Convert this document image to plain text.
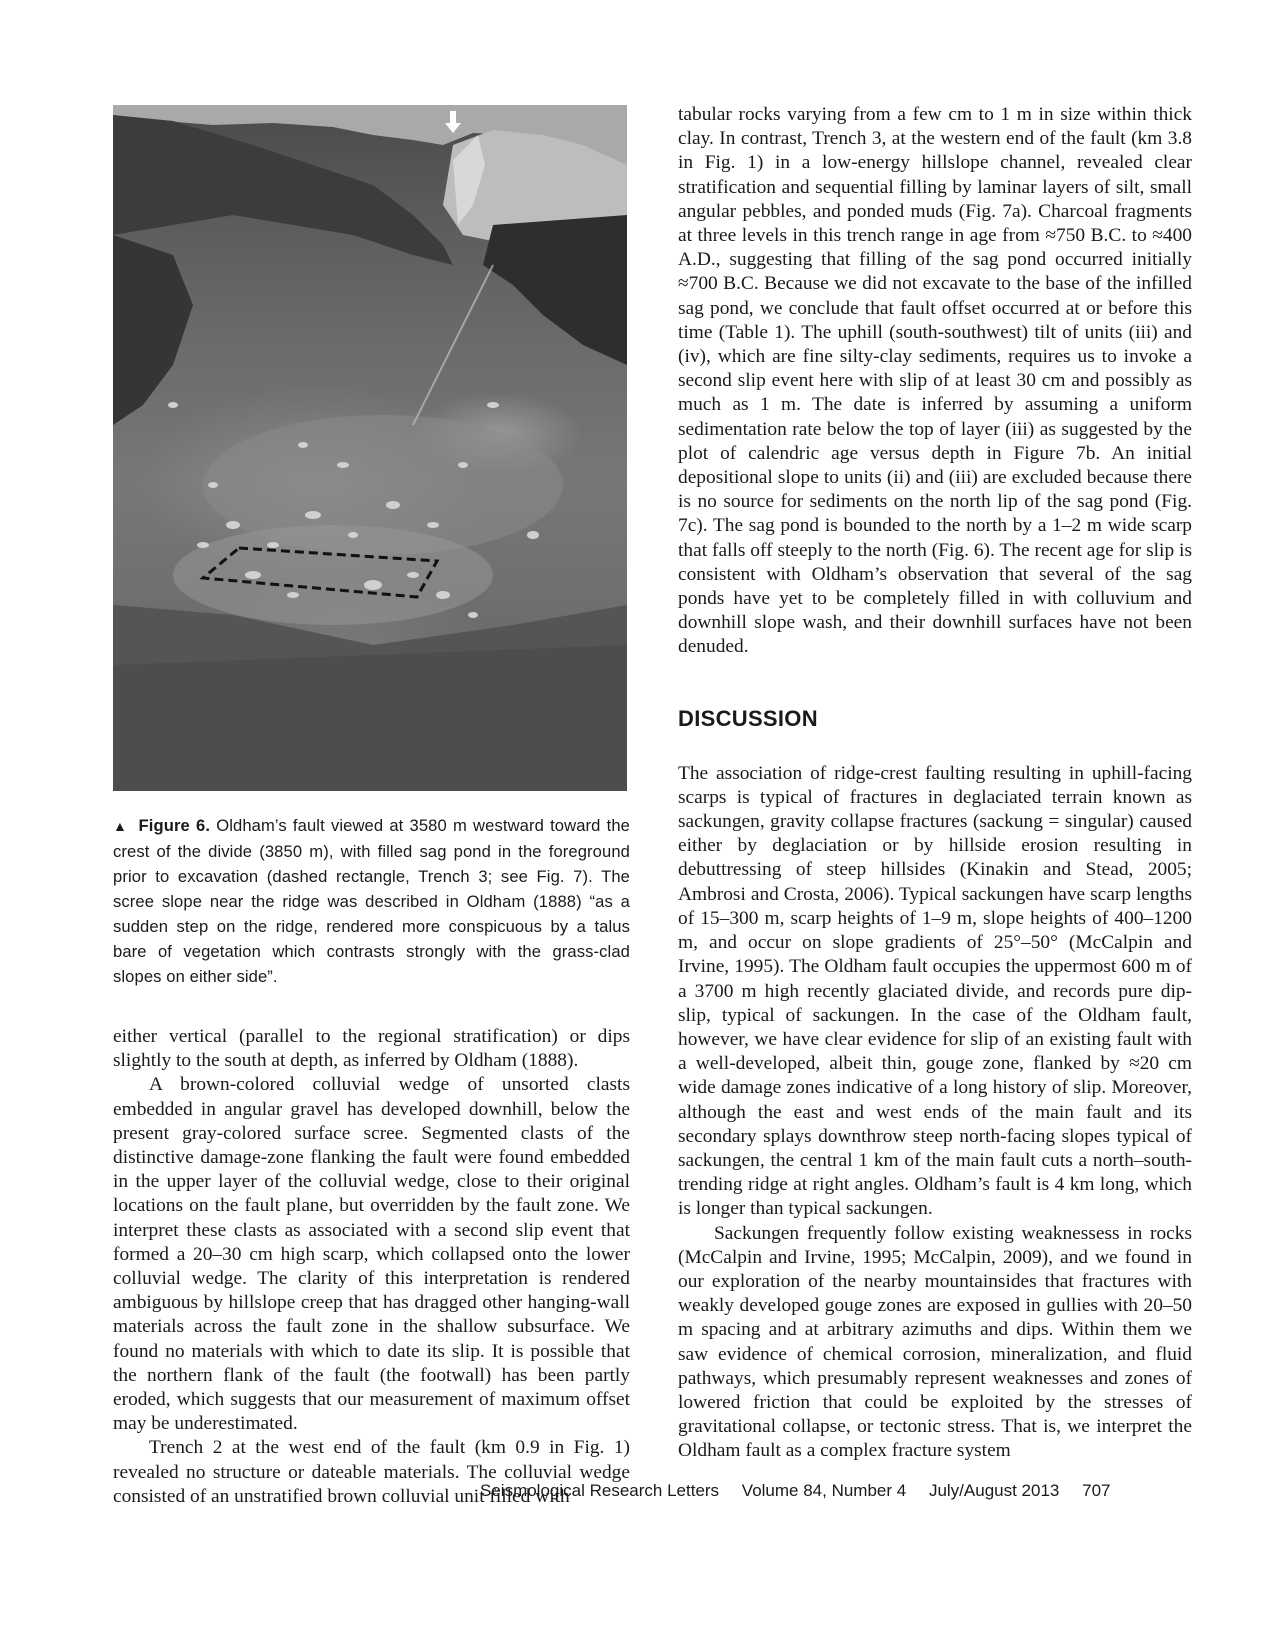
▲ Figure 6. Oldham’s fault viewed at 3580 m westward toward the crest of the divide (3850 m), with filled sag pond in the foreground prior to excavation (dashed rectangle, Trench 3; see Fig. 7). The scree slope near the ridge was described in Oldham (1888) “as a sudden step on the ridge, rendered more conspicuous by a talus bare of vegetation which contrasts strongly with the grass-clad slopes on either side”.

either vertical (parallel to the regional stratification) or dips slightly to the south at depth, as inferred by Oldham (1888).

A brown-colored colluvial wedge of unsorted clasts embedded in angular gravel has developed downhill, below the present gray-colored surface scree. Segmented clasts of the distinctive damage-zone flanking the fault were found embedded in the upper layer of the colluvial wedge, close to their original locations on the fault plane, but overridden by the fault zone. We interpret these clasts as associated with a second slip event that formed a 20–30 cm high scarp, which collapsed onto the lower colluvial wedge. The clarity of this interpretation is rendered ambiguous by hillslope creep that has dragged other hanging-wall materials across the fault zone in the shallow subsurface. We found no materials with which to date its slip. It is possible that the northern flank of the fault (the footwall) has been partly eroded, which suggests that our measurement of maximum offset may be underestimated.

Trench 2 at the west end of the fault (km 0.9 in Fig. 1) revealed no structure or dateable materials. The colluvial wedge consisted of an unstratified brown colluvial unit filled with

tabular rocks varying from a few cm to 1 m in size within thick clay. In contrast, Trench 3, at the western end of the fault (km 3.8 in Fig. 1) in a low-energy hillslope channel, revealed clear stratification and sequential filling by laminar layers of silt, small angular pebbles, and ponded muds (Fig. 7a). Charcoal fragments at three levels in this trench range in age from ≈750 B.C. to ≈400 A.D., suggesting that filling of the sag pond occurred initially ≈700 B.C. Because we did not excavate to the base of the infilled sag pond, we conclude that fault offset occurred at or before this time (Table 1). The uphill (south-southwest) tilt of units (iii) and (iv), which are fine silty-clay sediments, requires us to invoke a second slip event here with slip of at least 30 cm and possibly as much as 1 m. The date is inferred by assuming a uniform sedimentation rate below the top of layer (iii) as suggested by the plot of calendric age versus depth in Figure 7b. An initial depositional slope to units (ii) and (iii) are excluded because there is no source for sediments on the north lip of the sag pond (Fig. 7c). The sag pond is bounded to the north by a 1–2 m wide scarp that falls off steeply to the north (Fig. 6). The recent age for slip is consistent with Oldham’s observation that several of the sag ponds have yet to be completely filled in with colluvium and downhill slope wash, and their downhill surfaces have not been denuded.

DISCUSSION

The association of ridge-crest faulting resulting in uphill-facing scarps is typical of fractures in deglaciated terrain known as sackungen, gravity collapse fractures (sackung = singular) caused either by deglaciation or by hillside erosion resulting in debuttressing of steep hillsides (Kinakin and Stead, 2005; Ambrosi and Crosta, 2006). Typical sackungen have scarp lengths of 15–300 m, scarp heights of 1–9 m, slope heights of 400–1200 m, and occur on slope gradients of 25°–50° (McCalpin and Irvine, 1995). The Oldham fault occupies the uppermost 600 m of a 3700 m high recently glaciated divide, and records pure dip-slip, typical of sackungen. In the case of the Oldham fault, however, we have clear evidence for slip of an existing fault with a well-developed, albeit thin, gouge zone, flanked by ≈20 cm wide damage zones indicative of a long history of slip. Moreover, although the east and west ends of the main fault and its secondary splays downthrow steep north-facing slopes typical of sackungen, the central 1 km of the main fault cuts a north–south-trending ridge at right angles. Oldham’s fault is 4 km long, which is longer than typical sackungen.

Sackungen frequently follow existing weaknessess in rocks (McCalpin and Irvine, 1995; McCalpin, 2009), and we found in our exploration of the nearby mountainsides that fractures with weakly developed gouge zones are exposed in gullies with 20–50 m spacing and at arbitrary azimuths and dips. Within them we saw evidence of chemical corrosion, mineralization, and fluid pathways, which presumably represent weaknesses and zones of lowered friction that could be exploited by the stresses of gravitational collapse, or tectonic stress. That is, we interpret the Oldham fault as a complex fracture system

Seismological Research Letters Volume 84, Number 4 July/August 2013 707
